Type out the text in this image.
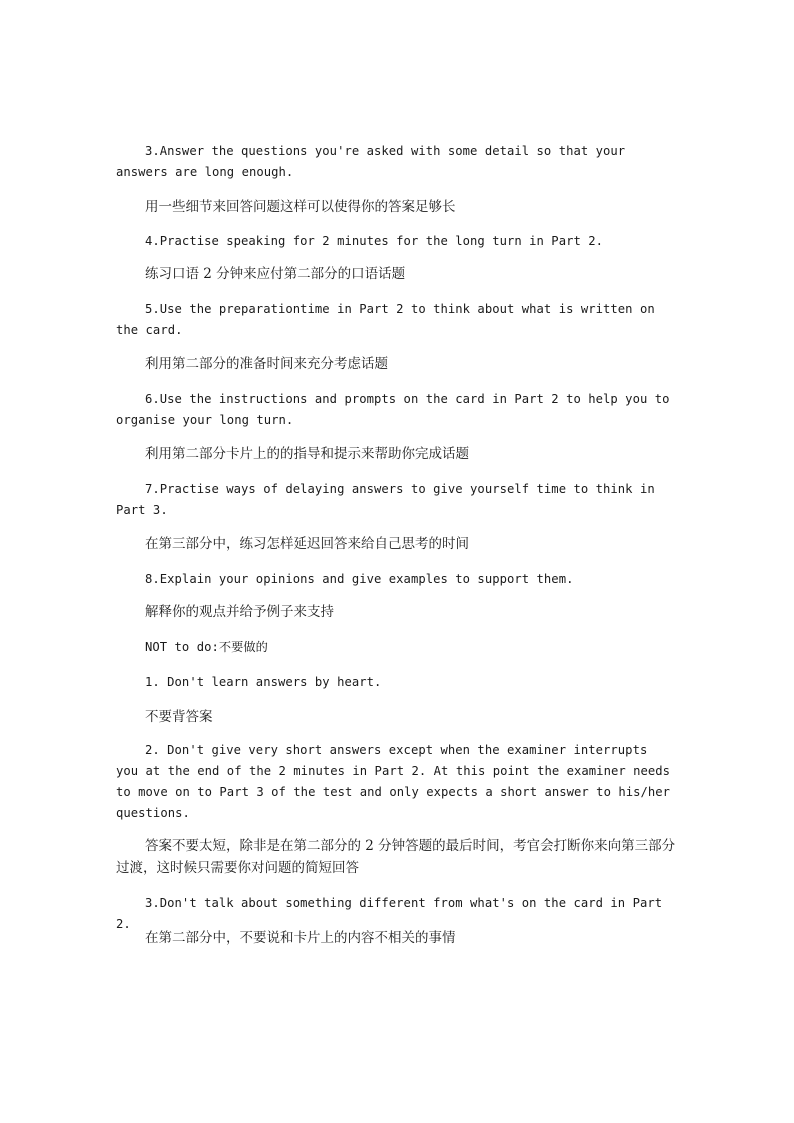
3.Answer the questions you're asked with some detail so that your answers are long enough.

用一些细节来回答问题这样可以使得你的答案足够长

4.Practise speaking for 2 minutes for the long turn in Part 2.

练习口语 2 分钟来应付第二部分的口语话题

5.Use the preparationtime in Part 2 to think about what is written on the card.

利用第二部分的准备时间来充分考虑话题

6.Use the instructions and prompts on the card in Part 2 to help you to organise your long turn.

利用第二部分卡片上的的指导和提示来帮助你完成话题

7.Practise ways of delaying answers to give yourself time to think in Part 3.

在第三部分中，练习怎样延迟回答来给自己思考的时间

8.Explain your opinions and give examples to support them.

解释你的观点并给予例子来支持

NOT to do:不要做的

1. Don't learn answers by heart.

不要背答案

2. Don't give very short answers except when the examiner interrupts you at the end of the 2 minutes in Part 2. At this point the examiner needs to move on to Part 3 of the test and only expects a short answer to his/her questions.

答案不要太短，除非是在第二部分的 2 分钟答题的最后时间，考官会打断你来向第三部分过渡，这时候只需要你对问题的简短回答

3.Don't talk about something different from what's on the card in Part 2.

在第二部分中，不要说和卡片上的内容不相关的事情
